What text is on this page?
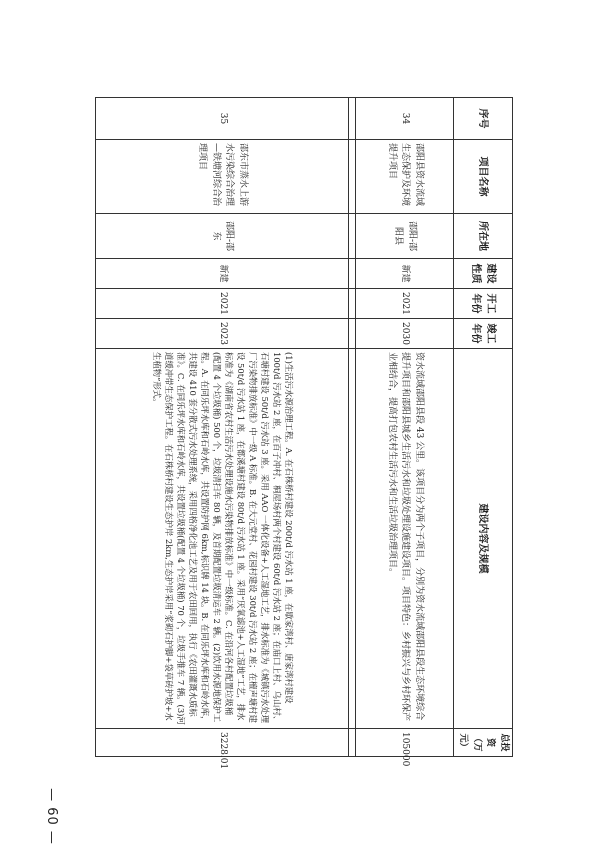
序号	项目名称	所在地	建设性质	开工年份	竣工年份	建设内容及规模	总投资
（万元）
34	邵阳县资水流域生态保护及环境提升项目	邵阳-邵阳县	新建	2021	2030	资水流域邵阳县段 43 公里。该项目分为两个子项目，分别为资水流域邵阳县段生态环境综合提升项目和邵阳县城乡生活污水和垃圾处理设施建设项目。项目特色：乡村振兴与乡村环保产业相结合，提高打包农村生活污水和生活垃圾治理项目。	105000

35	邵东市蒸水上游水污染综合治理—铁塘河综合治理项目	邵阳-邵东	新建	2021	2023	(1)生活污水源治理工程。A. 在石株桥村建设 200t/d 污水站 1 座，在歇家湾村、唐家湾村建设 100t/d 污水站 2 座，在百子冲村、桐屋场村两个村建设 60t/d 污水站 2 座；在庙口上村、乌山村、石塘村建设 50t/d 污水站 3 座。采用 AAO 一体化设备+人工湿地工艺，排水标准为《城镇污水处理厂污染物排放标准》中一级 A 标准。B. 在大元堂村、花园村建设 30t/d 污水站 2 座；在檀声塘村建设 50t/d 污水站 1 座，在都溪塘村建设 80t/d 污水站 1 座。采用“厌氧滤池+人工湿地”工艺，排水标准为《湖南省农村生活污水处理设施水污染物排放标准》中一级标准。C. 在沿河各村配置垃圾桶(配置 4 个垃圾桶) 500 个，垃圾清扫车 80 辆，及首期配置垃圾清运车 2 辆。(2)饮用水源地保护工程。A. 在同乐坪水库和石岭水库，共设置防护网 6km,标识牌 14 块。B. 在同乐坪水库和石岭水库，共建设 410 套分散式污水处理系统，采用四格净化池工艺及用于农田回用，执行《农田灌溉水质标准》。C. 在同乐坪水库和石岭水库，共设置垃圾桶(配置 4 个垃圾桶) 70 个，垃圾手推车 7 辆。(3)河道缓冲带生态保护工程。在石株桥村建设生态护岸 2km,生态护岸采用“浆砌石护脚+袋草砖护坡+水生植物”形式。	3228.01
— 60 —
